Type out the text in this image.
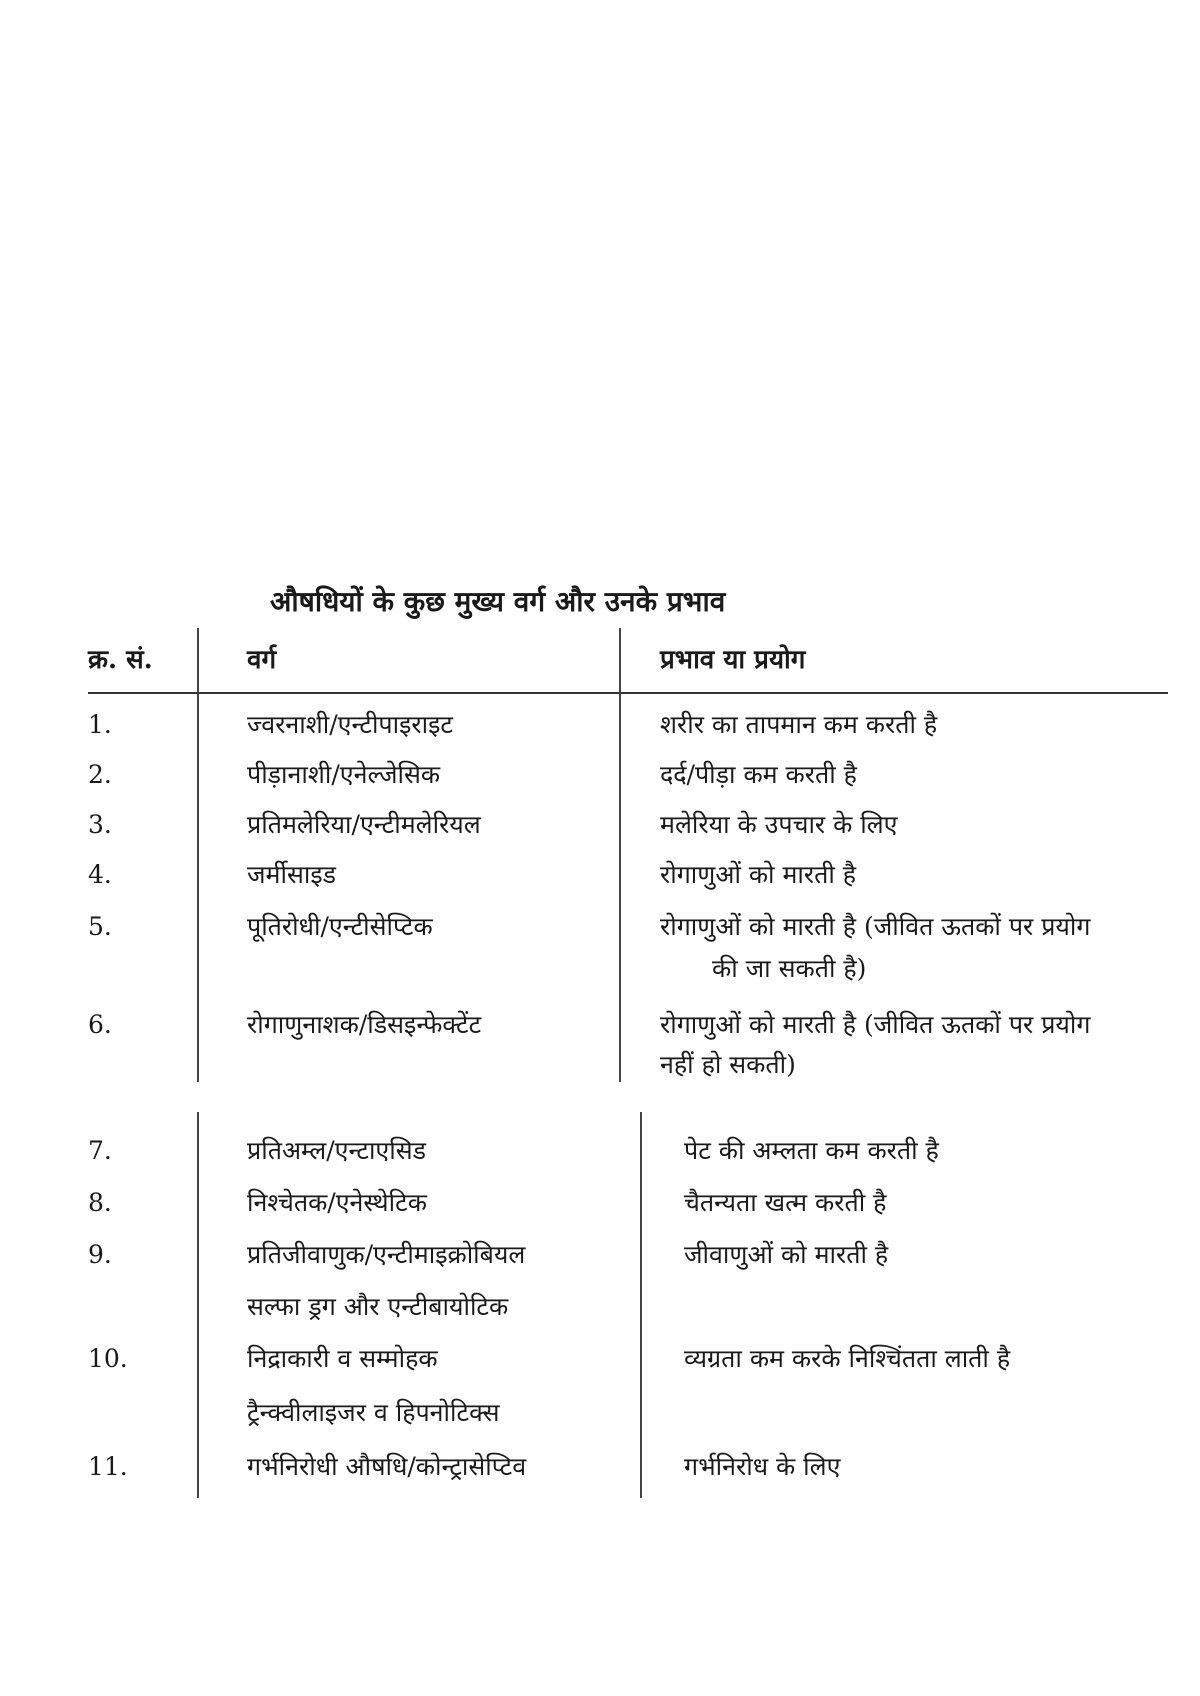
औषधियों के कुछ मुख्य वर्ग और उनके प्रभाव
क्र. सं.	वर्ग	प्रभाव या प्रयोग
1.	ज्वरनाशी/एन्टीपाइराइट	शरीर का तापमान कम करती है
2.	पीड़ानाशी/एनेल्जेसिक	दर्द/पीड़ा कम करती है
3.	प्रतिमलेरिया/एन्टीमलेरियल	मलेरिया के उपचार के लिए
4.	जर्मीसाइड	रोगाणुओं को मारती है
5.	पूतिरोधी/एन्टीसेप्टिक	रोगाणुओं को मारती है (जीवित ऊतकों पर प्रयोग
की जा सकती है)
6.	रोगाणुनाशक/डिसइन्फेक्टेंट	रोगाणुओं को मारती है (जीवित ऊतकों पर प्रयोग
नहीं हो सकती)
7.	प्रतिअम्ल/एन्टाएसिड	पेट की अम्लता कम करती है
8.	निश्चेतक/एनेस्थेटिक	चैतन्यता खत्म करती है
9.	प्रतिजीवाणुक/एन्टीमाइक्रोबियल	जीवाणुओं को मारती है
सल्फा ड्रग और एन्टीबायोटिक
10.	निद्राकारी व सम्मोहक	व्यग्रता कम करके निश्चिंतता लाती है
ट्रैन्क्वीलाइजर व हिपनोटिक्स
11.	गर्भनिरोधी औषधि/कोन्ट्रासेप्टिव	गर्भनिरोध के लिए
